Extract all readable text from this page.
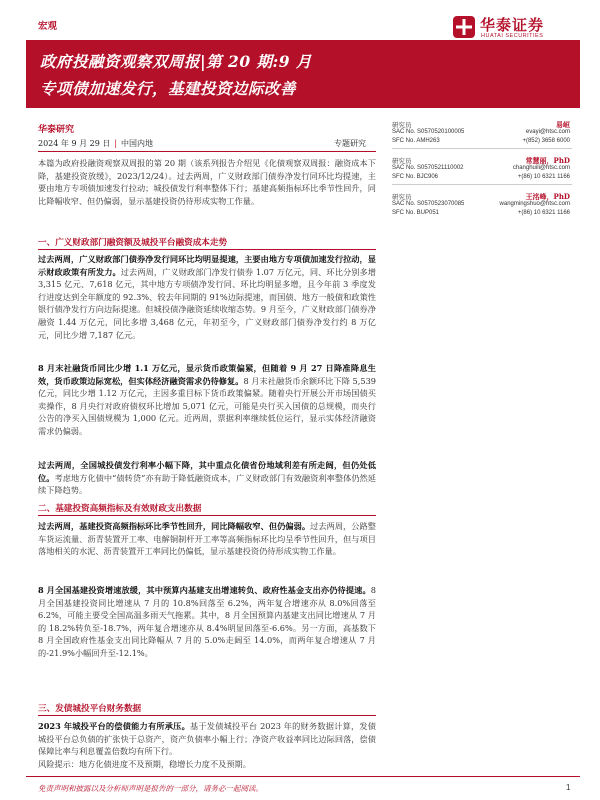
宏观	华泰证券
HUATAI SECURITIES
政府投融资观察双周报|第 20 期:9 月
专项债加速发行，基建投资边际改善
华泰研究
2024 年 9 月 29 日 | 中国内地	专题研究
研究员	易峘
SAC No. S0570520100005	evayi@htsc.com
SFC No. AMH263	+(852) 3658 6000
研究员	常慧丽，PhD
SAC No. S0570521110002	changhuili@htsc.com
SFC No. BJC906	+(86) 10 6321 1166
研究员	王洺峰，PhD
SAC No. S0570523070085	wangmingshuo@htsc.com
SFC No. BUP051	+(86) 10 6321 1166
本篇为政府投融资观察双周报的第 20 期（该系列报告介绍见《化债观察双周报：融资成本下降，基建投资放缓》，2023/12/24）。过去两周，广义财政部门债券净发行同环比均提速，主要由地方专项债加速发行拉动；城投债发行利率整体下行；基建高频指标环比季节性回升，同比降幅收窄、但仍偏弱，显示基建投资仍待形成实物工作量。
一、广义财政部门融资额及城投平台融资成本走势
过去两周，广义财政部门债券净发行同环比均明显提速，主要由地方专项债加速发行拉动，显示财政政策有所发力。过去两周，广义财政部门净发行债券 1.07 万亿元，同、环比分别多增 3,315 亿元、7,618 亿元，其中地方专项债净发行同、环比均明显多增，且今年前 3 季度发行进度达到全年额度的 92.3%、较去年同期的 91%边际提速，而国债、地方一般债和政策性银行债净发行方向边际提速。但城投债净融资延续收缩态势。9 月至今，广义财政部门债券净融资 1.44 万亿元，同比多增 3,468 亿元，年初至今，广义财政部门债券净发行约 8 万亿元，同比少增 7,187 亿元。
8 月末社融货币同比少增 1.1 万亿元，显示货币政策偏紧，但随着 9 月 27 日降准降息生效，货币政策边际宽松，但实体经济融资需求仍待修复。8 月末社融货币余额环比下降 5,539 亿元，同比少增 1.12 万亿元，主因多重目标下货币政策偏紧。随着央行开展公开市场国债买卖操作，8 月央行对政府债权环比增加 5,071 亿元，可能是央行买入国债的总规模，而央行公告的净买入国债规模为 1,000 亿元。近两周，票据利率继续低位运行，显示实体经济融资需求仍偏弱。
过去两周，全国城投债发行利率小幅下降，其中重点化债省份地域利差有所走阔，但仍处低位。考虑地方化债中“债转贷”亦有助于降低融资成本，广义财政部门有效融资利率整体仍然延续下降趋势。
二、基建投资高频指标及有效财政支出数据
过去两周，基建投资高频指标环比季节性回升，同比降幅收窄、但仍偏弱。过去两周，公路整车货运流量、沥青装置开工率、电解铜制杆开工率等高频指标环比均呈季节性回升，但与项目落地相关的水泥、沥青装置开工率同比仍偏低，显示基建投资仍待形成实物工作量。
8 月全国基建投资增速放缓，其中预算内基建支出增速转负、政府性基金支出亦仍待提速。8 月全国基建投资同比增速从 7 月的 10.8%回落至 6.2%，两年复合增速亦从 8.0%回落至 6.2%，可能主要受全国高温多雨天气拖累。其中，8 月全国预算内基建支出同比增速从 7 月的 18.2%转负至-18.7%，两年复合增速亦从 8.4%明显回落至-6.6%。另一方面，高基数下 8 月全国政府性基金支出同比降幅从 7 月的 5.0%走阔至 14.0%，而两年复合增速从 7 月的-21.9%小幅回升至-12.1%。
三、发债城投平台财务数据
2023 年城投平台的偿债能力有所承压。基于发债城投平台 2023 年的财务数据计算，发债城投平台总负债的扩张快于总资产，资产负债率小幅上行；净资产收益率同比边际回落，偿债保障比率与利息覆盖倍数均有所下行。
风险提示：地方化债进度不及预期，稳增长力度不及预期。
免责声明和披露以及分析师声明是报告的一部分，请务必一起阅读。	1
